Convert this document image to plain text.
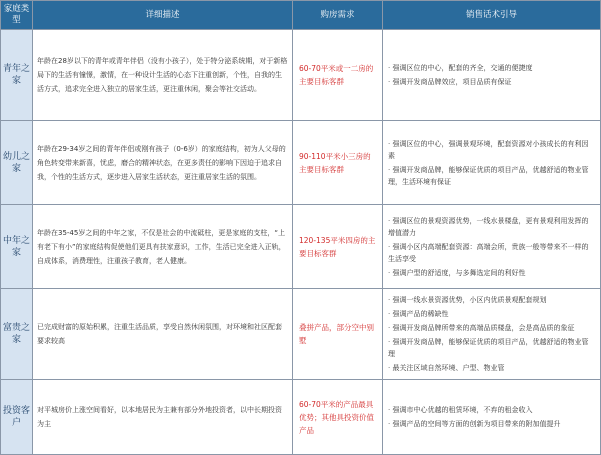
家庭类型	详细描述	购房需求	销售话术引导
青年之家	年龄在28岁以下的青年或青年伴侣（没有小孩子），处于特分泌系统期，对于新格局下的生活有憧憬，激情，在一种设计生活的心态下注重创新，个性，自我的生活方式，追求完全进入独立的居家生活，更注重休闲，聚会等社交活动。	60-70平米或一二房的主要目标客群	· 强调区位的中心，配套的齐全，交通的便捷度
· 强调开发商品牌效应，项目品质有保证

幼儿之家	年龄在29-34岁之间的青年伴侣或刚有孩子（0-6岁）的家庭结构，初为人父母的角色转变带来新喜，忧虑，磨合的精神状态，在更多责任的影响下因迫于追求自我，个性的生活方式，逐步进入居家生活状态，更注重居家生活的氛围。	90-110平米小三房的主要目标客群	· 强调区位的中心，强调景观环境，配套资源对小孩成长的有利因素
· 强调开发商品牌，能够保证优质的项目产品，优越舒适的物业管理，生活环境有保证

中年之家	年龄在35-45岁之间的中年之家，不仅是社会的中流砥柱，更是家庭的支柱，“上有老下有小”的家庭结构促使他们更具有扶家意识，工作，生活已完全进入正轨，自成体系，消费理性，注重孩子教育，老人健康。	120-135平米四房的主要目标客群	· 强调区位的景观资源优势，一线水景楼盘，更有景观利用发挥的增值潜力
· 强调小区内高端配套资源：高端会所，贵族一般等带来不一样的生活享受
· 强调户型的舒适度，与多舞选定间的利好性

富贵之家	已完成财富的原始积累，注重生活品质，享受自然休闲氛围，对环境和社区配套要求较高	叠拼产品，部分空中别墅	· 强调一线水景资源优势，小区内优质景观配套规划
· 强调产品的稀缺性
· 强调开发商品牌所带来的高端品质楼盘，会是高品质的象征
· 强调开发商品牌，能够保证优质的项目产品，优越舒适的物业管理
· 最关注区域自然环境、户型、物业管

投资客户	对平城房价上涨空间看好，以本地居民为主兼有部分外地投资者，以中长期投资为主	60-70平米的产品最具优势；其他具投资价值产品	· 强调市中心优越的租赁环境，不弃的租金收入
· 强调产品的空间等方面的创新为项目带来的附加值提升
